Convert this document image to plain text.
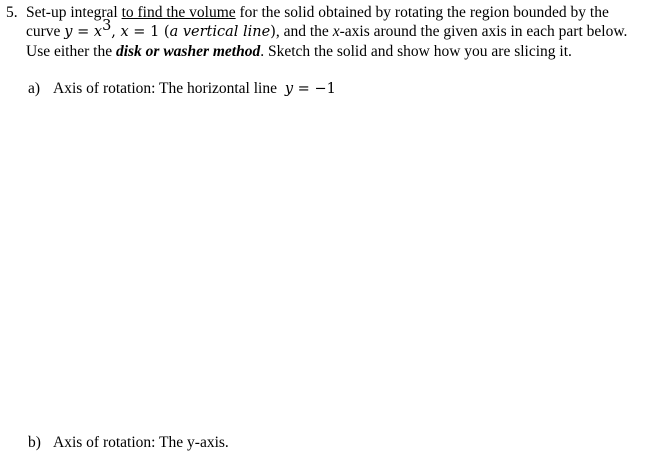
5. Set-up integral to find the volume for the solid obtained by rotating the region bounded by the
curve $y = x^3$, x = 1 (a vertical line), and the x-axis around the given axis in each part below.
Use either the disk or washer method. Sketch the solid and show how you are slicing it.
a) Axis of rotation: The horizontal line y = −1
b) Axis of rotation: The y-axis.
